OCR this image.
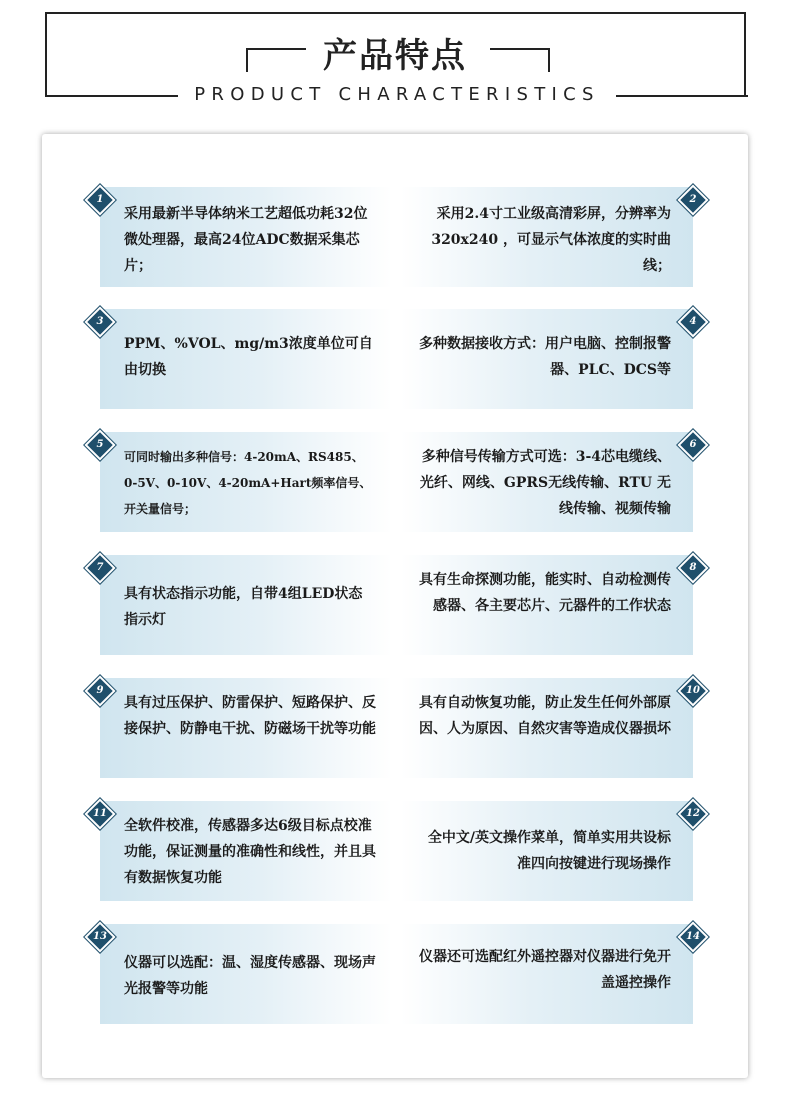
产品特点
PRODUCT CHARACTERISTICS
采用最新半导体纳米工艺超低功耗32位微处理器，最高24位ADC数据采集芯片；
1
采用2.4寸工业级高清彩屏，分辨率为320x240 ，可显示气体浓度的实时曲线；
2
PPM、%VOL、mg/m3浓度单位可自由切换
3
多种数据接收方式：用户电脑、控制报警器、PLC、DCS等
4
可同时输出多种信号：4-20mA、RS485、0-5V、0-10V、4-20mA+Hart频率信号、开关量信号；
5
多种信号传输方式可选：3-4芯电缆线、光纤、网线、GPRS无线传输、RTU 无线传输、视频传输
6
具有状态指示功能，自带4组LED状态指示灯
7
具有生命探测功能，能实时、自动检测传感器、各主要芯片、元器件的工作状态
8
具有过压保护、防雷保护、短路保护、反接保护、防静电干扰、防磁场干扰等功能
9
具有自动恢复功能，防止发生任何外部原因、人为原因、自然灾害等造成仪器损坏
10
全软件校准，传感器多达6级目标点校准功能，保证测量的准确性和线性，并且具有数据恢复功能
11
全中文/英文操作菜单，简单实用共设标准四向按键进行现场操作
12
仪器可以选配：温、湿度传感器、现场声光报警等功能
13
仪器还可选配红外遥控器对仪器进行免开盖遥控操作
14
